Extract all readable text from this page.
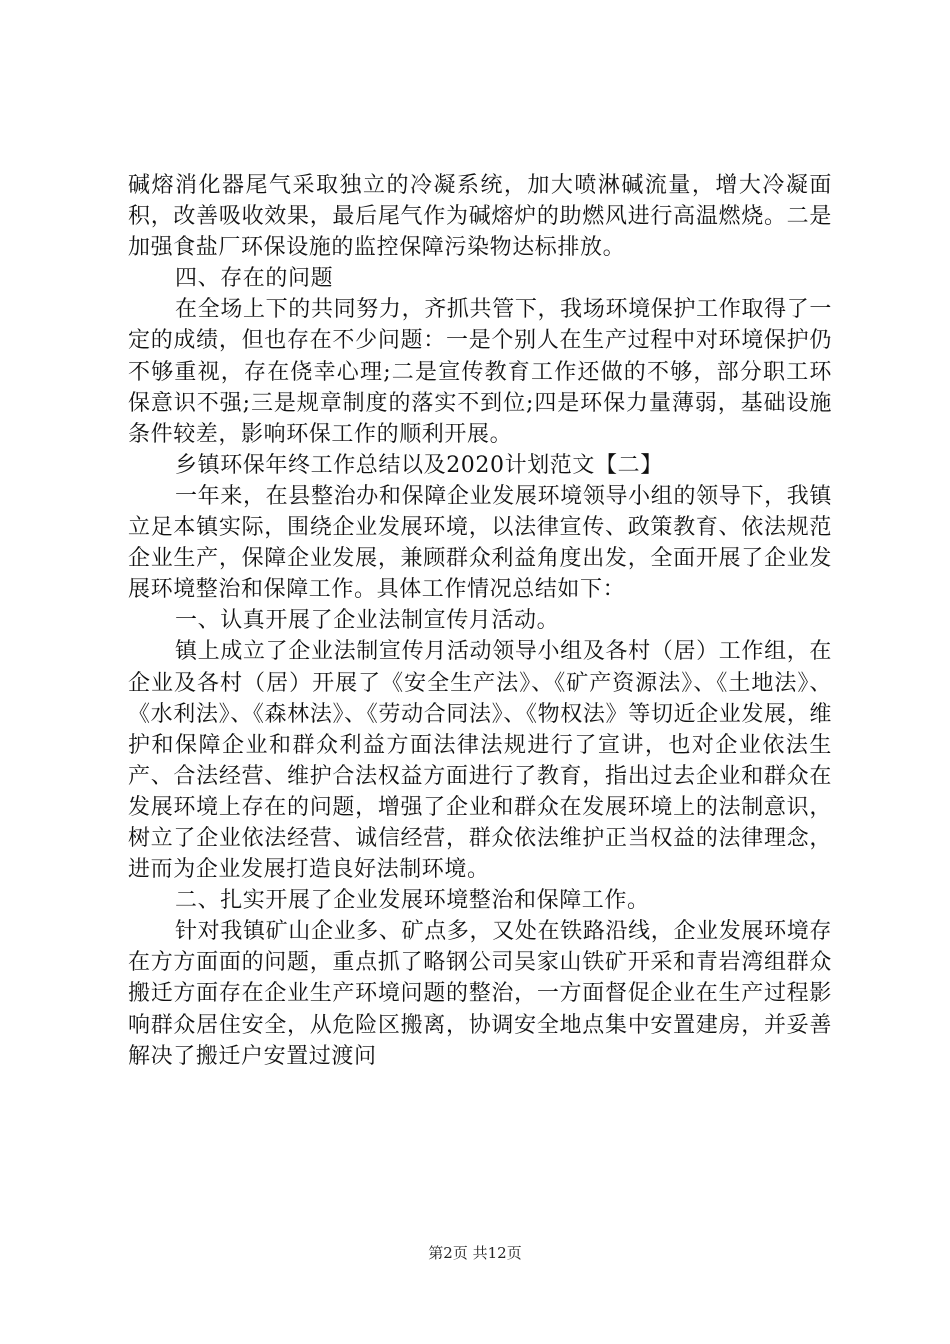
碱熔消化器尾气采取独立的冷凝系统，加大喷淋碱流量，增大冷凝面积，改善吸收效果，最后尾气作为碱熔炉的助燃风进行高温燃烧。二是加强食盐厂环保设施的监控保障污染物达标排放。

四、存在的问题

在全场上下的共同努力，齐抓共管下，我场环境保护工作取得了一定的成绩，但也存在不少问题：一是个别人在生产过程中对环境保护仍不够重视，存在侥幸心理;二是宣传教育工作还做的不够，部分职工环保意识不强;三是规章制度的落实不到位;四是环保力量薄弱，基础设施条件较差，影响环保工作的顺利开展。

乡镇环保年终工作总结以及2020计划范文【二】

一年来，在县整治办和保障企业发展环境领导小组的领导下，我镇立足本镇实际，围绕企业发展环境，以法律宣传、政策教育、依法规范企业生产，保障企业发展，兼顾群众利益角度出发，全面开展了企业发展环境整治和保障工作。具体工作情况总结如下：

一、认真开展了企业法制宣传月活动。

镇上成立了企业法制宣传月活动领导小组及各村（居）工作组，在企业及各村（居）开展了《安全生产法》、《矿产资源法》、《土地法》、《水利法》、《森林法》、《劳动合同法》、《物权法》等切近企业发展，维护和保障企业和群众利益方面法律法规进行了宣讲，也对企业依法生产、合法经营、维护合法权益方面进行了教育，指出过去企业和群众在发展环境上存在的问题，增强了企业和群众在发展环境上的法制意识，树立了企业依法经营、诚信经营，群众依法维护正当权益的法律理念，进而为企业发展打造良好法制环境。

二、扎实开展了企业发展环境整治和保障工作。

针对我镇矿山企业多、矿点多，又处在铁路沿线，企业发展环境存在方方面面的问题，重点抓了略钢公司吴家山铁矿开采和青岩湾组群众搬迁方面存在企业生产环境问题的整治，一方面督促企业在生产过程影响群众居住安全，从危险区搬离，协调安全地点集中安置建房，并妥善解决了搬迁户安置过渡问

第2页 共12页
